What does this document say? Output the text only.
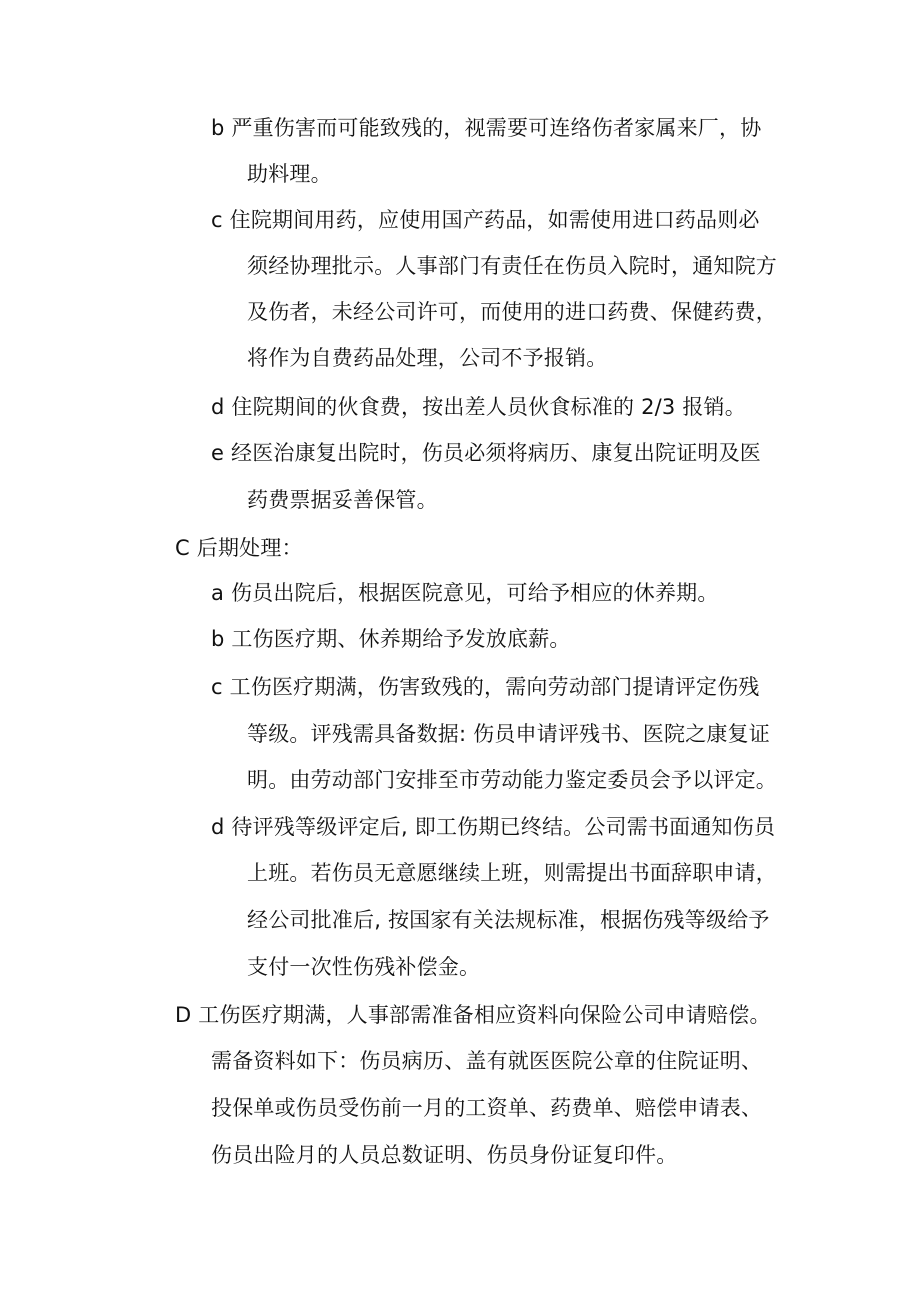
b 严重伤害而可能致残的，视需要可连络伤者家属来厂，协
助料理。
c 住院期间用药，应使用国产药品，如需使用进口药品则必
须经协理批示。人事部门有责任在伤员入院时，通知院方
及伤者，未经公司许可，而使用的进口药费、保健药费，
将作为自费药品处理，公司不予报销。
d 住院期间的伙食费，按出差人员伙食标准的 2/3 报销。
e 经医治康复出院时，伤员必须将病历、康复出院证明及医
药费票据妥善保管。
C 后期处理：
a 伤员出院后，根据医院意见，可给予相应的休养期。
b 工伤医疗期、休养期给予发放底薪。
c 工伤医疗期满，伤害致残的，需向劳动部门提请评定伤残
等级。评残需具备数据: 伤员申请评残书、医院之康复证
明。由劳动部门安排至市劳动能力鉴定委员会予以评定。
d 待评残等级评定后, 即工伤期已终结。公司需书面通知伤员
上班。若伤员无意愿继续上班，则需提出书面辞职申请，
经公司批准后, 按国家有关法规标准，根据伤残等级给予
支付一次性伤残补偿金。
D 工伤医疗期满，人事部需准备相应资料向保险公司申请赔偿。
需备资料如下：伤员病历、盖有就医医院公章的住院证明、
投保单或伤员受伤前一月的工资单、药费单、赔偿申请表、
伤员出险月的人员总数证明、伤员身份证复印件。
